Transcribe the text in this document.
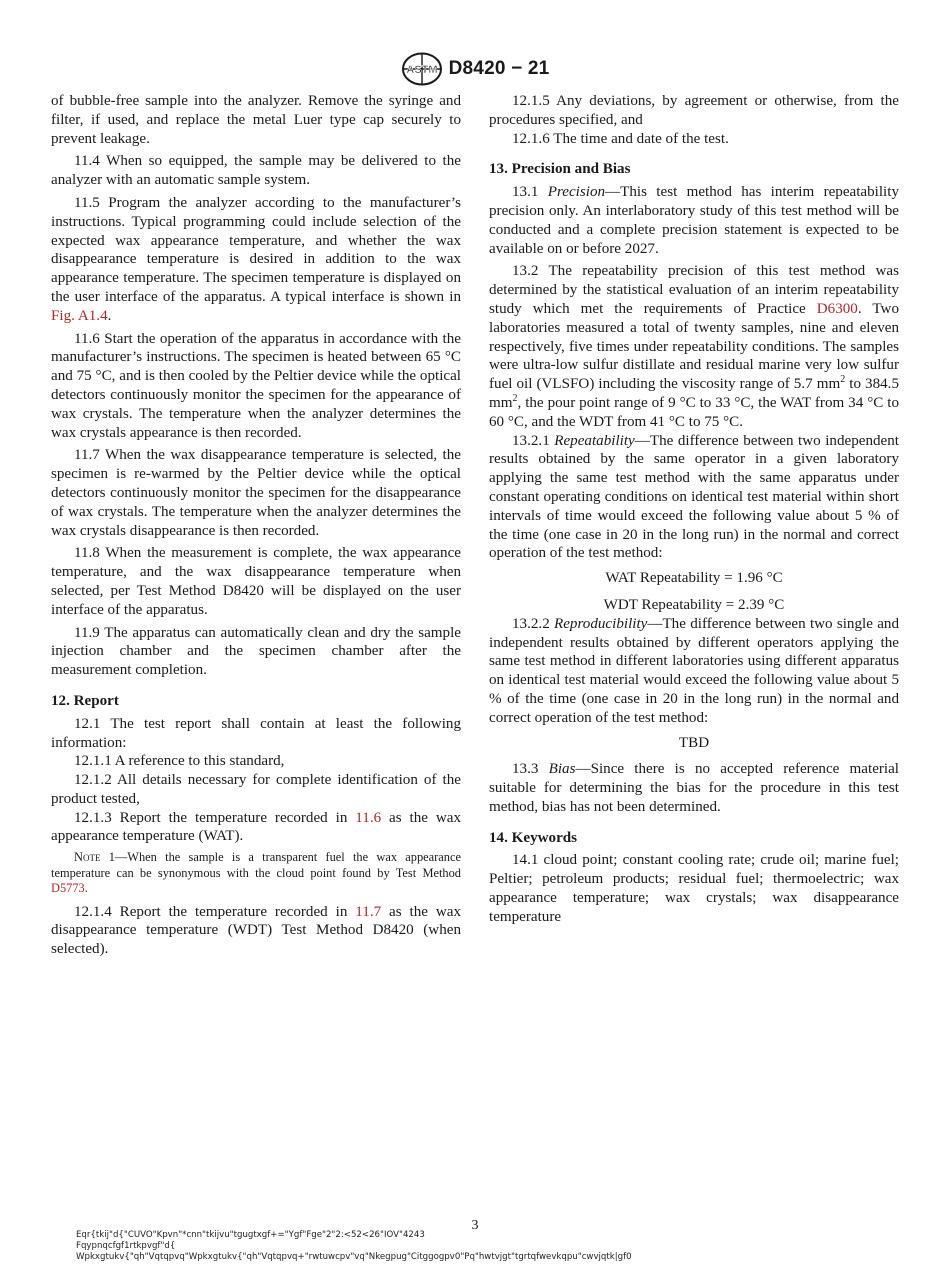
ASTM D8420 − 21

of bubble-free sample into the analyzer. Remove the syringe and filter, if used, and replace the metal Luer type cap securely to prevent leakage.

11.4 When so equipped, the sample may be delivered to the analyzer with an automatic sample system.

11.5 Program the analyzer according to the manufacturer’s instructions. Typical programming could include selection of the expected wax appearance temperature, and whether the wax disappearance temperature is desired in addition to the wax appearance temperature. The specimen temperature is displayed on the user interface of the apparatus. A typical interface is shown in Fig. A1.4.

11.6 Start the operation of the apparatus in accordance with the manufacturer’s instructions. The specimen is heated between 65 °C and 75 °C, and is then cooled by the Peltier device while the optical detectors continuously monitor the specimen for the appearance of wax crystals. The temperature when the analyzer determines the wax crystals appearance is then recorded.

11.7 When the wax disappearance temperature is selected, the specimen is re-warmed by the Peltier device while the optical detectors continuously monitor the specimen for the disappearance of wax crystals. The temperature when the analyzer determines the wax crystals disappearance is then recorded.

11.8 When the measurement is complete, the wax appearance temperature, and the wax disappearance temperature when selected, per Test Method D8420 will be displayed on the user interface of the apparatus.

11.9 The apparatus can automatically clean and dry the sample injection chamber and the specimen chamber after the measurement completion.

12. Report

12.1 The test report shall contain at least the following information:

12.1.1 A reference to this standard,

12.1.2 All details necessary for complete identification of the product tested,

12.1.3 Report the temperature recorded in 11.6 as the wax appearance temperature (WAT).

Note 1—When the sample is a transparent fuel the wax appearance temperature can be synonymous with the cloud point found by Test Method D5773.

12.1.4 Report the temperature recorded in 11.7 as the wax disappearance temperature (WDT) Test Method D8420 (when selected).

12.1.5 Any deviations, by agreement or otherwise, from the procedures specified, and

12.1.6 The time and date of the test.

13. Precision and Bias

13.1 Precision—This test method has interim repeatability precision only. An interlaboratory study of this test method will be conducted and a complete precision statement is expected to be available on or before 2027.

13.2 The repeatability precision of this test method was determined by the statistical evaluation of an interim repeatability study which met the requirements of Practice D6300. Two laboratories measured a total of twenty samples, nine and eleven respectively, five times under repeatability conditions. The samples were ultra-low sulfur distillate and residual marine very low sulfur fuel oil (VLSFO) including the viscosity range of 5.7 $mm^2$ to 384.5 $mm^2$, the pour point range of 9 °C to 33 °C, the WAT from 34 °C to 60 °C, and the WDT from 41 °C to 75 °C.

13.2.1 Repeatability—The difference between two independent results obtained by the same operator in a given laboratory applying the same test method with the same apparatus under constant operating conditions on identical test material within short intervals of time would exceed the following value about 5 % of the time (one case in 20 in the long run) in the normal and correct operation of the test method:

WAT Repeatability = 1.96 °C

WDT Repeatability = 2.39 °C

13.2.2 Reproducibility—The difference between two single and independent results obtained by different operators applying the same test method in different laboratories using different apparatus on identical test material would exceed the following value about 5 % of the time (one case in 20 in the long run) in the normal and correct operation of the test method:

TBD

13.3 Bias—Since there is no accepted reference material suitable for determining the bias for the procedure in this test method, bias has not been determined.

14. Keywords

14.1 cloud point; constant cooling rate; crude oil; marine fuel; Peltier; petroleum products; residual fuel; thermoelectric; wax appearance temperature; wax crystals; wax disappearance temperature

3
Eqr{tkij"d{"CUVO"Kpvn"*cnn"tkijvu"tgugtxgf+="Ygf"Fge"2"2:<52<26"IOV"4243
Fqypnqcfgf1rtkpvgf"d{
Wpkxgtukv{"qh"Vqtqpvq"Wpkxgtukv{"qh"Vqtqpvq+"rwtuwcpv"vq"Nkegpug"Citggogpv0"Pq"hwtvjgt"tgrtqfwevkqpu"cwvjqtk|gf0
